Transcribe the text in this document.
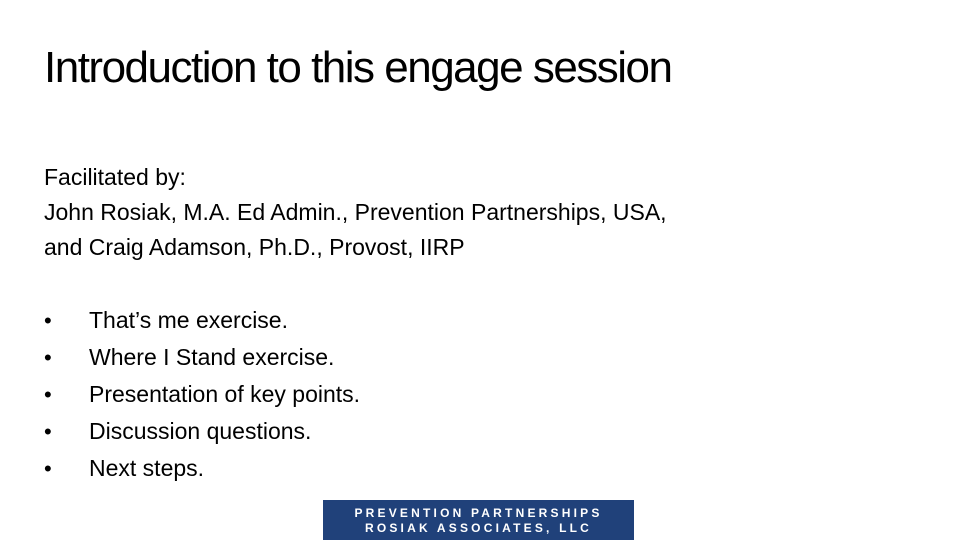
Introduction to this engage session
Facilitated by:
John Rosiak, M.A. Ed Admin., Prevention Partnerships, USA,
and Craig Adamson, Ph.D., Provost, IIRP
•	That’s me exercise.
•	Where I Stand exercise.
•	Presentation of key points.
•	Discussion questions.
•	Next steps.
PREVENTION PARTNERSHIPS
ROSIAK ASSOCIATES, LLC
